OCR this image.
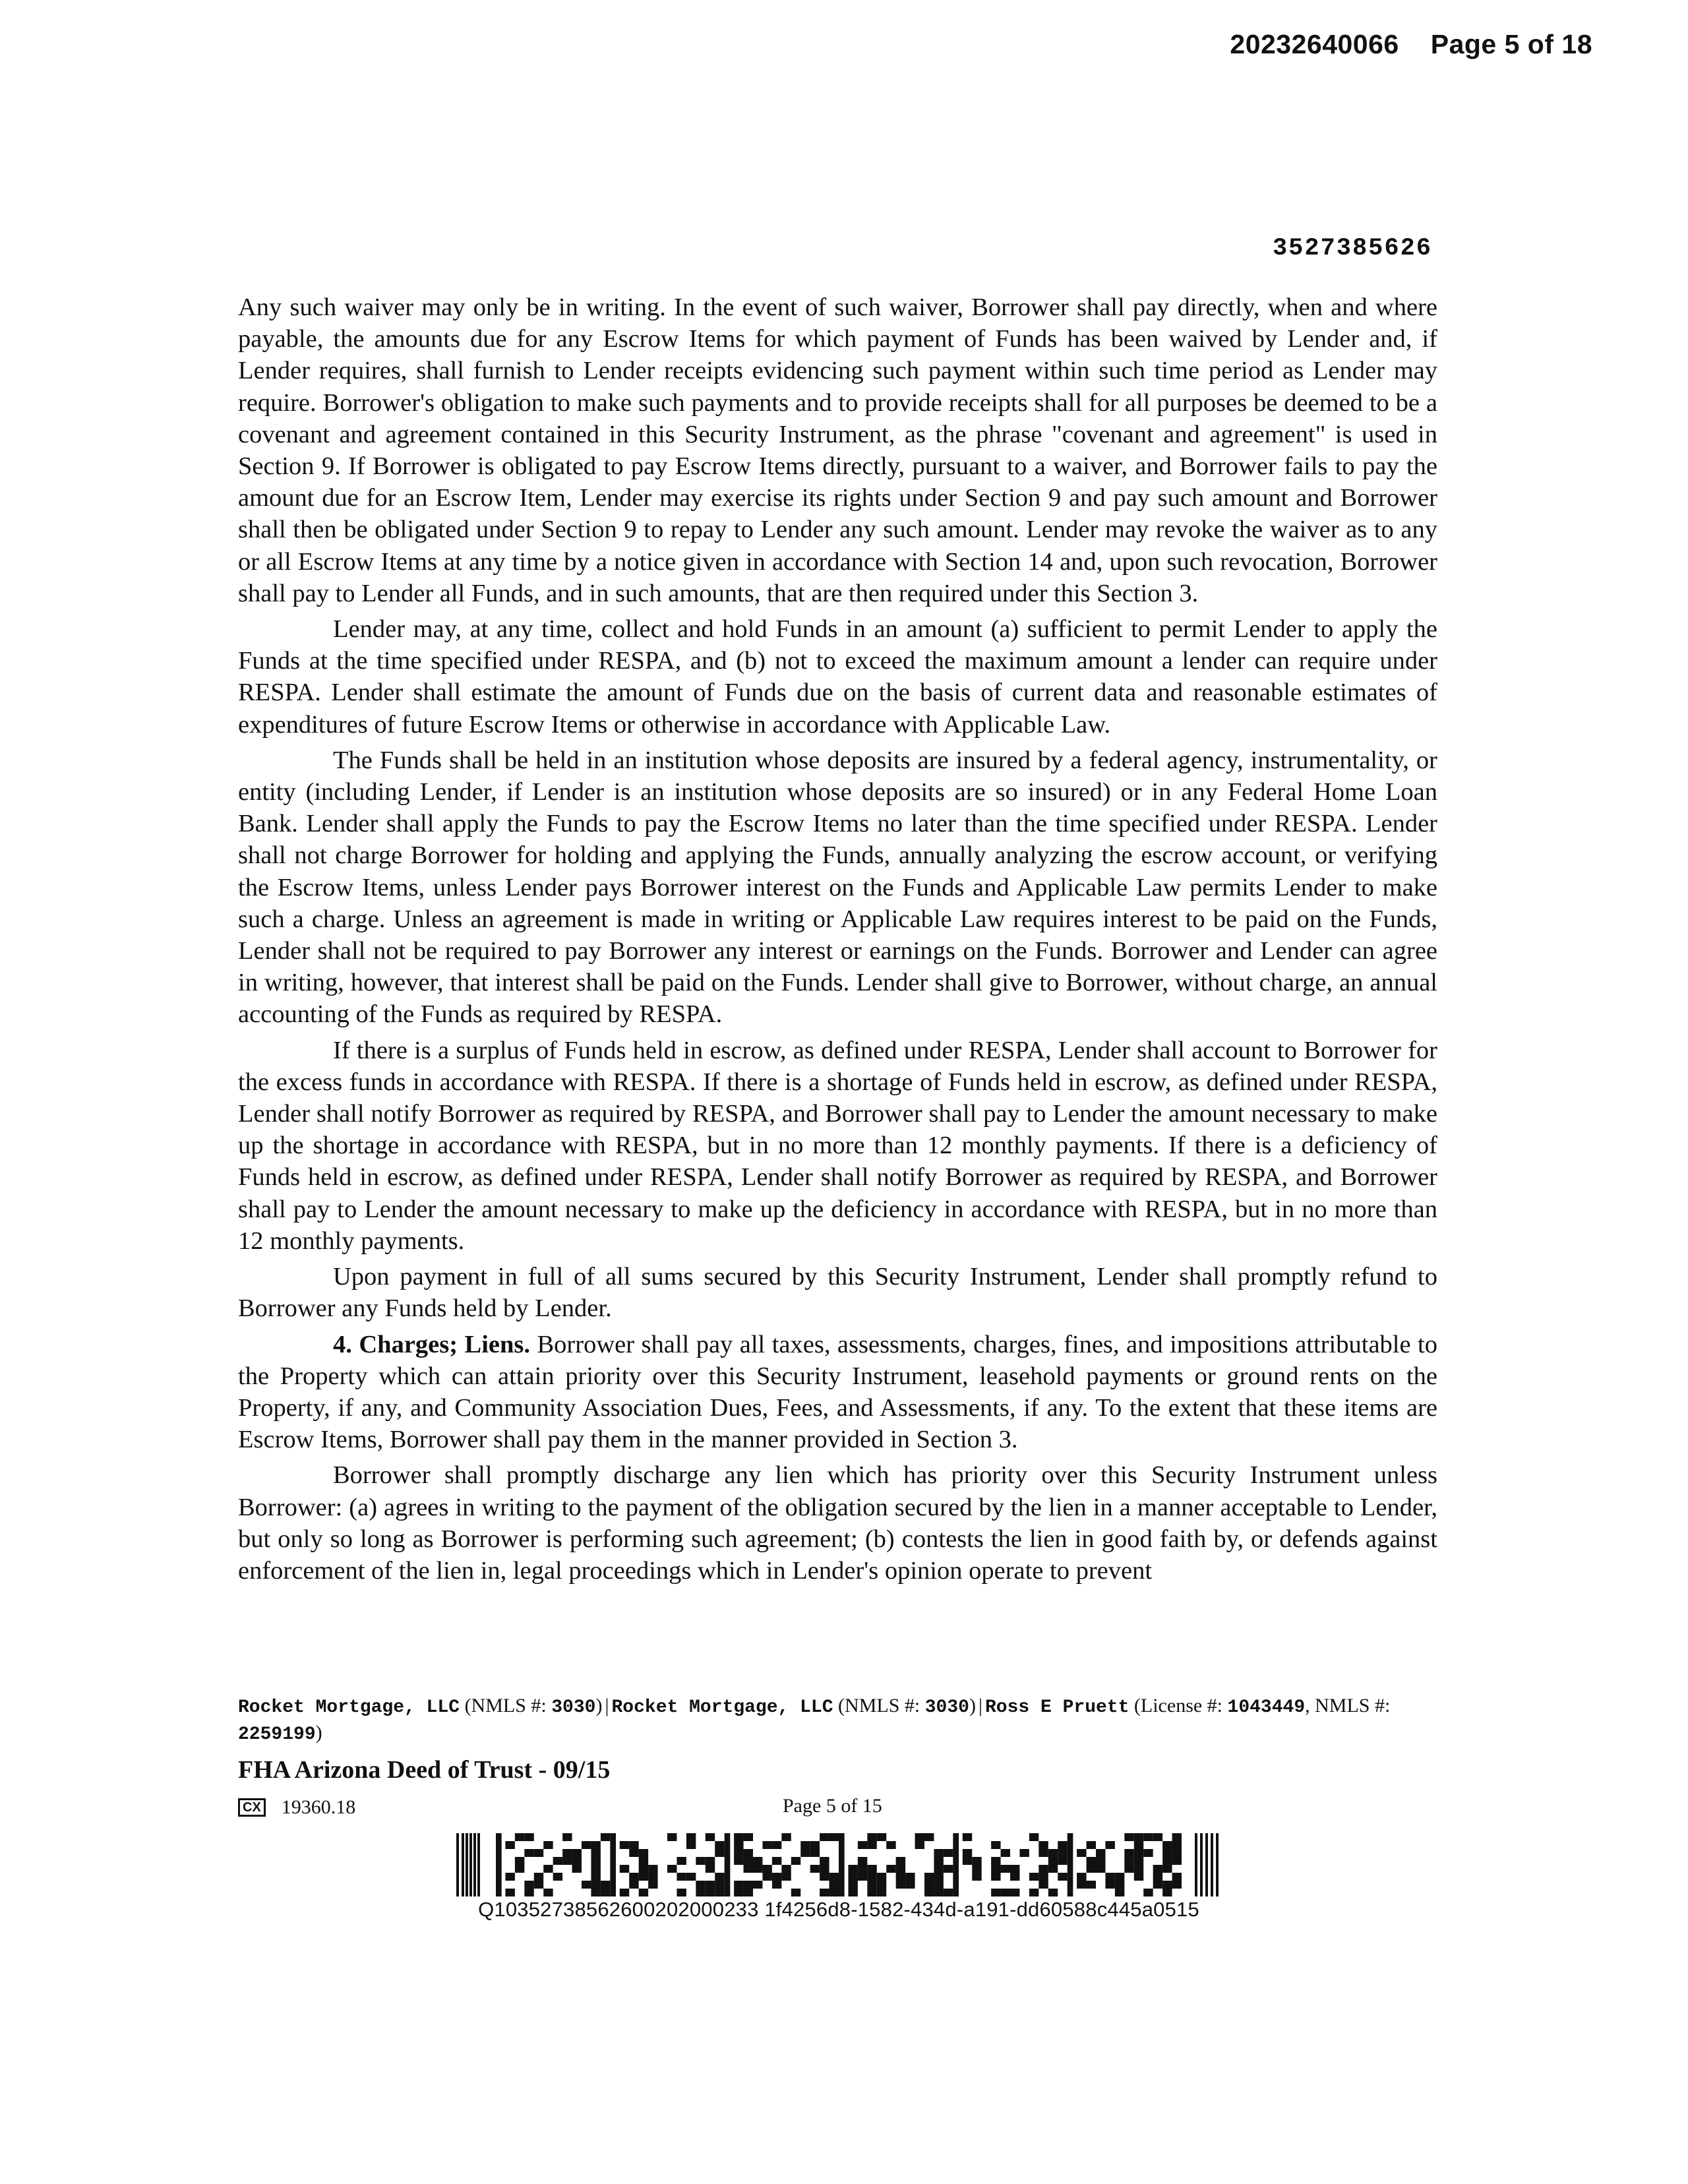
20232640066 Page 5 of 18
3527385626

Any such waiver may only be in writing. In the event of such waiver, Borrower shall pay directly, when and where payable, the amounts due for any Escrow Items for which payment of Funds has been waived by Lender and, if Lender requires, shall furnish to Lender receipts evidencing such payment within such time period as Lender may require. Borrower's obligation to make such payments and to provide receipts shall for all purposes be deemed to be a covenant and agreement contained in this Security Instrument, as the phrase "covenant and agreement" is used in Section 9. If Borrower is obligated to pay Escrow Items directly, pursuant to a waiver, and Borrower fails to pay the amount due for an Escrow Item, Lender may exercise its rights under Section 9 and pay such amount and Borrower shall then be obligated under Section 9 to repay to Lender any such amount. Lender may revoke the waiver as to any or all Escrow Items at any time by a notice given in accordance with Section 14 and, upon such revocation, Borrower shall pay to Lender all Funds, and in such amounts, that are then required under this Section 3.

Lender may, at any time, collect and hold Funds in an amount (a) sufficient to permit Lender to apply the Funds at the time specified under RESPA, and (b) not to exceed the maximum amount a lender can require under RESPA. Lender shall estimate the amount of Funds due on the basis of current data and reasonable estimates of expenditures of future Escrow Items or otherwise in accordance with Applicable Law.

The Funds shall be held in an institution whose deposits are insured by a federal agency, instrumentality, or entity (including Lender, if Lender is an institution whose deposits are so insured) or in any Federal Home Loan Bank. Lender shall apply the Funds to pay the Escrow Items no later than the time specified under RESPA. Lender shall not charge Borrower for holding and applying the Funds, annually analyzing the escrow account, or verifying the Escrow Items, unless Lender pays Borrower interest on the Funds and Applicable Law permits Lender to make such a charge. Unless an agreement is made in writing or Applicable Law requires interest to be paid on the Funds, Lender shall not be required to pay Borrower any interest or earnings on the Funds. Borrower and Lender can agree in writing, however, that interest shall be paid on the Funds. Lender shall give to Borrower, without charge, an annual accounting of the Funds as required by RESPA.

If there is a surplus of Funds held in escrow, as defined under RESPA, Lender shall account to Borrower for the excess funds in accordance with RESPA. If there is a shortage of Funds held in escrow, as defined under RESPA, Lender shall notify Borrower as required by RESPA, and Borrower shall pay to Lender the amount necessary to make up the shortage in accordance with RESPA, but in no more than 12 monthly payments. If there is a deficiency of Funds held in escrow, as defined under RESPA, Lender shall notify Borrower as required by RESPA, and Borrower shall pay to Lender the amount necessary to make up the deficiency in accordance with RESPA, but in no more than 12 monthly payments.

Upon payment in full of all sums secured by this Security Instrument, Lender shall promptly refund to Borrower any Funds held by Lender.

4. Charges; Liens. Borrower shall pay all taxes, assessments, charges, fines, and impositions attributable to the Property which can attain priority over this Security Instrument, leasehold payments or ground rents on the Property, if any, and Community Association Dues, Fees, and Assessments, if any. To the extent that these items are Escrow Items, Borrower shall pay them in the manner provided in Section 3.

Borrower shall promptly discharge any lien which has priority over this Security Instrument unless Borrower: (a) agrees in writing to the payment of the obligation secured by the lien in a manner acceptable to Lender, but only so long as Borrower is performing such agreement; (b) contests the lien in good faith by, or defends against enforcement of the lien in, legal proceedings which in Lender's opinion operate to prevent

Rocket Mortgage, LLC (NMLS #: 3030) | Rocket Mortgage, LLC (NMLS #: 3030) | Ross E Pruett (License #: 1043449, NMLS #: 2259199)
FHA Arizona Deed of Trust - 09/15
CX 19360.18	Page 5 of 15
Q10352738562600202000233 1f4256d8-1582-434d-a191-dd60588c445a0515
